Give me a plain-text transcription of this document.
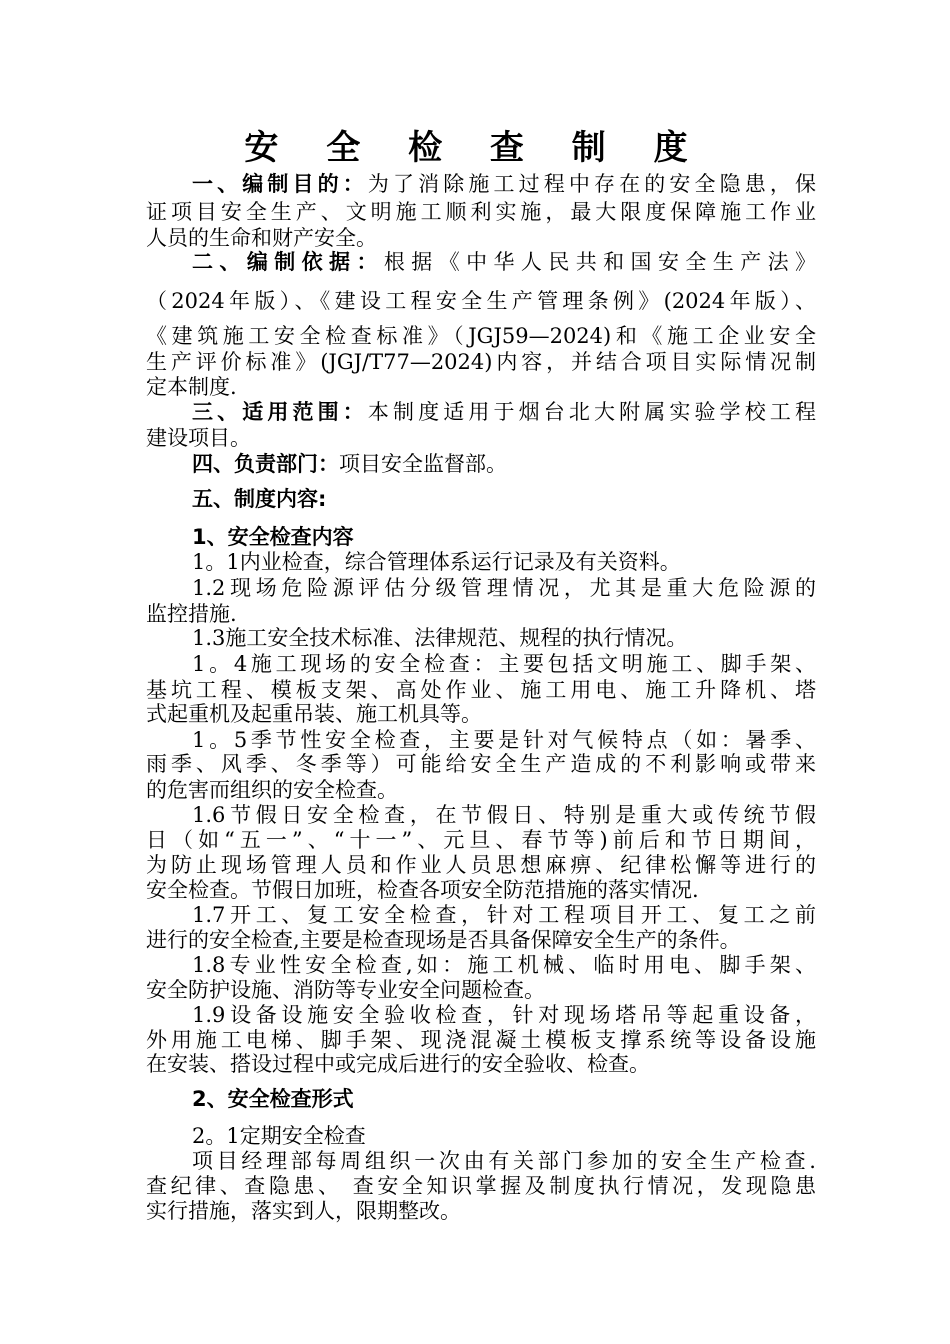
安 全 检 查 制 度
一、编制目的：为了消除施工过程中存在的安全隐患，保
证项目安全生产、文明施工顺利实施，最大限度保障施工作业
人员的生命和财产安全。
二、编制依据：根据《中华人民共和国安全生产法》
（2024年版）、《建设工程安全生产管理条例》(2024年版）、
《建筑施工安全检查标准》（JGJ59—2024)和《施工企业安全
生产评价标准》(JGJ/T77—2024)内容，并结合项目实际情况制
定本制度.
三、适用范围：本制度适用于烟台北大附属实验学校工程
建设项目。
四、负责部门：项目安全监督部。
五、制度内容:
1、安全检查内容
1。1内业检查，综合管理体系运行记录及有关资料。
1.2现场危险源评估分级管理情况，尤其是重大危险源的
监控措施.
1.3施工安全技术标准、法律规范、规程的执行情况。
1。4施工现场的安全检查：主要包括文明施工、脚手架、
基坑工程、模板支架、高处作业、施工用电、施工升降机、塔
式起重机及起重吊装、施工机具等。
1。5季节性安全检查，主要是针对气候特点（如：暑季、
雨季、风季、冬季等）可能给安全生产造成的不利影响或带来
的危害而组织的安全检查。
1.6节假日安全检查，在节假日、特别是重大或传统节假
日（如“五一”、“十一”、元旦、春节等)前后和节日期间，
为防止现场管理人员和作业人员思想麻痹、纪律松懈等进行的
安全检查。节假日加班，检查各项安全防范措施的落实情况.
1.7开工、复工安全检查，针对工程项目开工、复工之前
进行的安全检查,主要是检查现场是否具备保障安全生产的条件。
1.8专业性安全检查,如：施工机械、临时用电、脚手架、
安全防护设施、消防等专业安全问题检查。
1.9设备设施安全验收检查，针对现场塔吊等起重设备，
外用施工电梯、脚手架、现浇混凝土模板支撑系统等设备设施
在安装、搭设过程中或完成后进行的安全验收、检查。
2、安全检查形式
2。1定期安全检查
项目经理部每周组织一次由有关部门参加的安全生产检查.
查纪律、查隐患、 查安全知识掌握及制度执行情况，发现隐患
实行措施，落实到人，限期整改。
